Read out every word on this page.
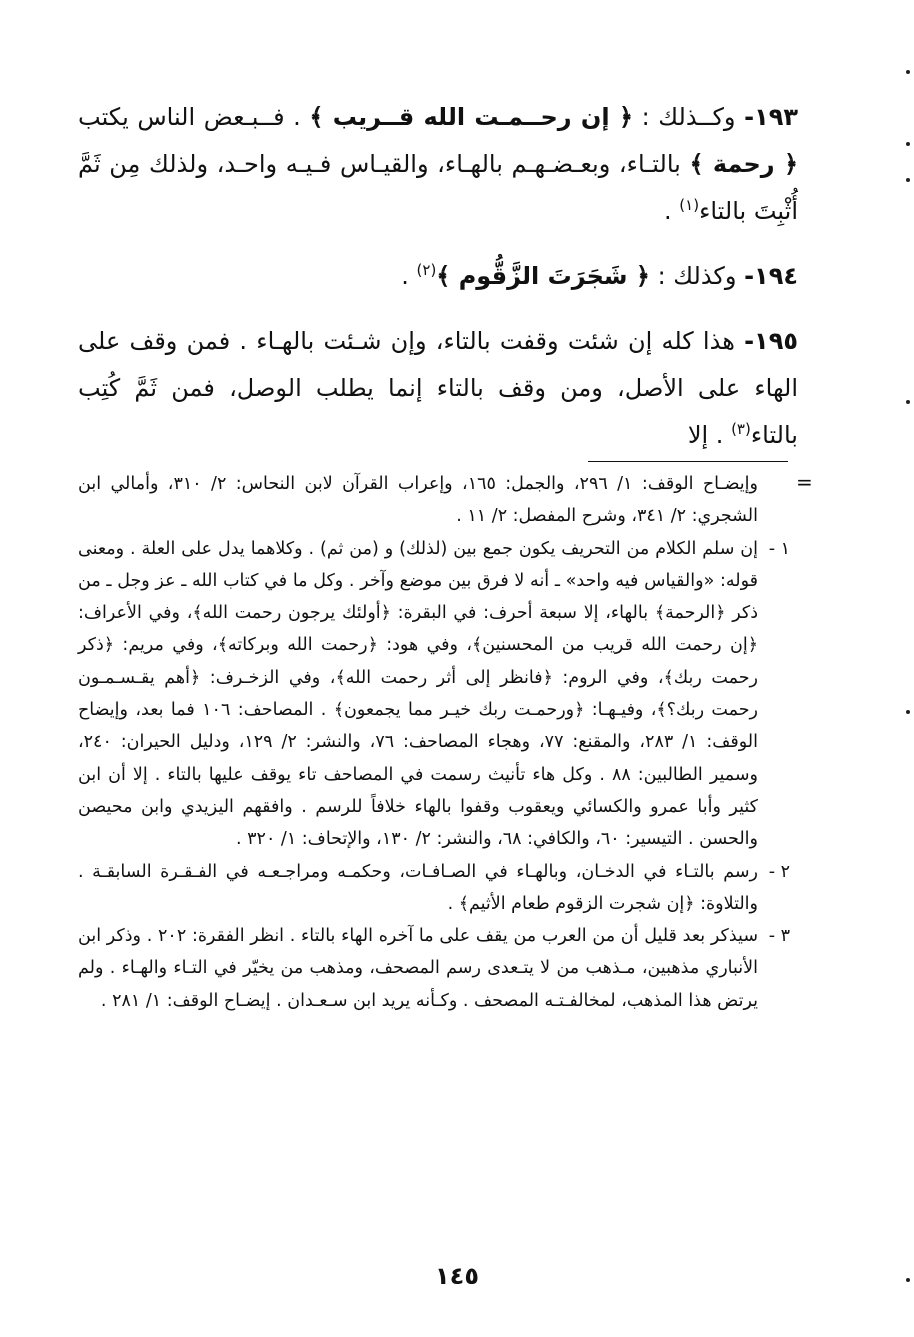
١٩٣- وكــذلك : ﴿ إن رحــمـت الله قــريب ﴾ . فــبـعض الناس يكتب ﴿ رحمة ﴾ بالتـاء، وبعـضـهـم بالهـاء، والقيـاس فـيـه واحـد، ولذلك مِن ثَمَّ أُثْبِتَ بالتاء$^{(١)}$ .

١٩٤- وكذلك : ﴿ شَجَرَتَ الزَّقُّوم ﴾$^{(٢)}$ .

١٩٥- هذا كله إن شئت وقفت بالتاء، وإن شـئت بالهـاء . فمن وقف على الهاء على الأصل، ومن وقف بالتاء إنما يطلب الوصل، فمن ثَمَّ كُتِب بالتاء$^{(٣)}$ . إلا

=
وإيضـاح الوقف: ١/ ٢٩٦، والجمل: ١٦٥، وإعراب القرآن لابن النحاس: ٢/ ٣١٠، وأمالي ابن الشجري: ٢/ ٣٤١، وشرح المفصل: ٢/ ١١ .
١ -
إن سلم الكلام من التحريف يكون جمع بين (لذلك) و (من ثم) . وكلاهما يدل على العلة . ومعنى قوله: «والقياس فيه واحد» ـ أنه لا فرق بين موضع وآخر . وكل ما في كتاب الله ـ عز وجل ـ من ذكر ﴿الرحمة﴾ بالهاء، إلا سبعة أحرف: في البقرة: ﴿أولئك يرجون رحمت الله﴾، وفي الأعراف: ﴿إن رحمت الله قريب من المحسنين﴾، وفي هود: ﴿رحمت الله وبركاته﴾، وفي مريم: ﴿ذكر رحمت ربك﴾، وفي الروم: ﴿فانظر إلى أثر رحمت الله﴾، وفي الزخـرف: ﴿أهم يقـسـمـون رحمت ربك؟﴾، وفيـهـا: ﴿ورحمـت ربك خيـر مما يجمعون﴾ . المصاحف: ١٠٦ فما بعد، وإيضاح الوقف: ١/ ٢٨٣، والمقنع: ٧٧، وهجاء المصاحف: ٧٦، والنشر: ٢/ ١٢٩، ودليل الحيران: ٢٤٠، وسمير الطالبين: ٨٨ . وكل هاء تأنيث رسمت في المصاحف تاء يوقف عليها بالتاء . إلا أن ابن كثير وأبا عمرو والكسائي ويعقوب وقفوا بالهاء خلافاً للرسم . وافقهم اليزيدي وابن محيصن والحسن . التيسير: ٦٠، والكافي: ٦٨، والنشر: ٢/ ١٣٠، والإتحاف: ١/ ٣٢٠ .
٢ -
رسم بالتـاء في الدخـان، وبالهـاء في الصـافـات، وحكمـه ومراجـعـه في الفـقـرة السابقـة . والتلاوة: ﴿إن شجرت الزقوم طعام الأثيم﴾ .
٣ -
سيذكر بعد قليل أن من العرب من يقف على ما آخره الهاء بالتاء . انظر الفقرة: ٢٠٢ . وذكر ابن الأنباري مذهبين، مـذهب من لا يتـعدى رسم المصحف، ومذهب من يخيّر في التـاء والهـاء . ولم يرتض هذا المذهب، لمخالفـتـه المصحف . وكـأنه يريد ابن سـعـدان . إيضـاح الوقف: ١/ ٢٨١ .
١٤٥
